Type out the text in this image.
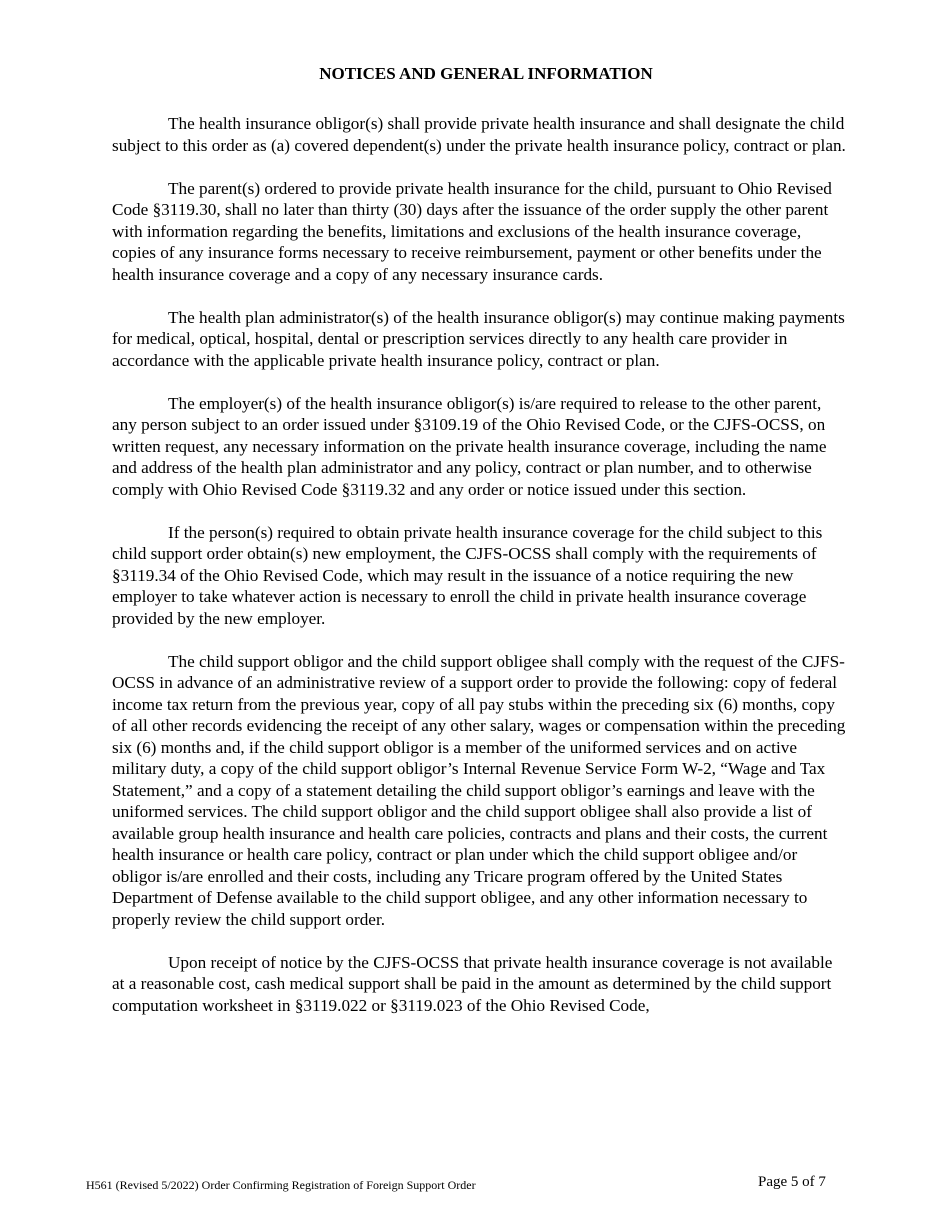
NOTICES AND GENERAL INFORMATION

The health insurance obligor(s) shall provide private health insurance and shall designate the child subject to this order as (a) covered dependent(s) under the private health insurance policy, contract or plan.

The parent(s) ordered to provide private health insurance for the child, pursuant to Ohio Revised Code §3119.30, shall no later than thirty (30) days after the issuance of the order supply the other parent with information regarding the benefits, limitations and exclusions of the health insurance coverage, copies of any insurance forms necessary to receive reimbursement, payment or other benefits under the health insurance coverage and a copy of any necessary insurance cards.

The health plan administrator(s) of the health insurance obligor(s) may continue making payments for medical, optical, hospital, dental or prescription services directly to any health care provider in accordance with the applicable private health insurance policy, contract or plan.

The employer(s) of the health insurance obligor(s) is/are required to release to the other parent, any person subject to an order issued under §3109.19 of the Ohio Revised Code, or the CJFS-OCSS, on written request, any necessary information on the private health insurance coverage, including the name and address of the health plan administrator and any policy, contract or plan number, and to otherwise comply with Ohio Revised Code §3119.32 and any order or notice issued under this section.

If the person(s) required to obtain private health insurance coverage for the child subject to this child support order obtain(s) new employment, the CJFS-OCSS shall comply with the requirements of §3119.34 of the Ohio Revised Code, which may result in the issuance of a notice requiring the new employer to take whatever action is necessary to enroll the child in private health insurance coverage provided by the new employer.

The child support obligor and the child support obligee shall comply with the request of the CJFS-OCSS in advance of an administrative review of a support order to provide the following: copy of federal income tax return from the previous year, copy of all pay stubs within the preceding six (6) months, copy of all other records evidencing the receipt of any other salary, wages or compensation within the preceding six (6) months and, if the child support obligor is a member of the uniformed services and on active military duty, a copy of the child support obligor’s Internal Revenue Service Form W-2, “Wage and Tax Statement,” and a copy of a statement detailing the child support obligor’s earnings and leave with the uniformed services. The child support obligor and the child support obligee shall also provide a list of available group health insurance and health care policies, contracts and plans and their costs, the current health insurance or health care policy, contract or plan under which the child support obligee and/or obligor is/are enrolled and their costs, including any Tricare program offered by the United States Department of Defense available to the child support obligee, and any other information necessary to properly review the child support order.

Upon receipt of notice by the CJFS-OCSS that private health insurance coverage is not available at a reasonable cost, cash medical support shall be paid in the amount as determined by the child support computation worksheet in §3119.022 or §3119.023 of the Ohio Revised Code,

H561 (Revised 5/2022) Order Confirming Registration of Foreign Support Order	Page 5 of 7
